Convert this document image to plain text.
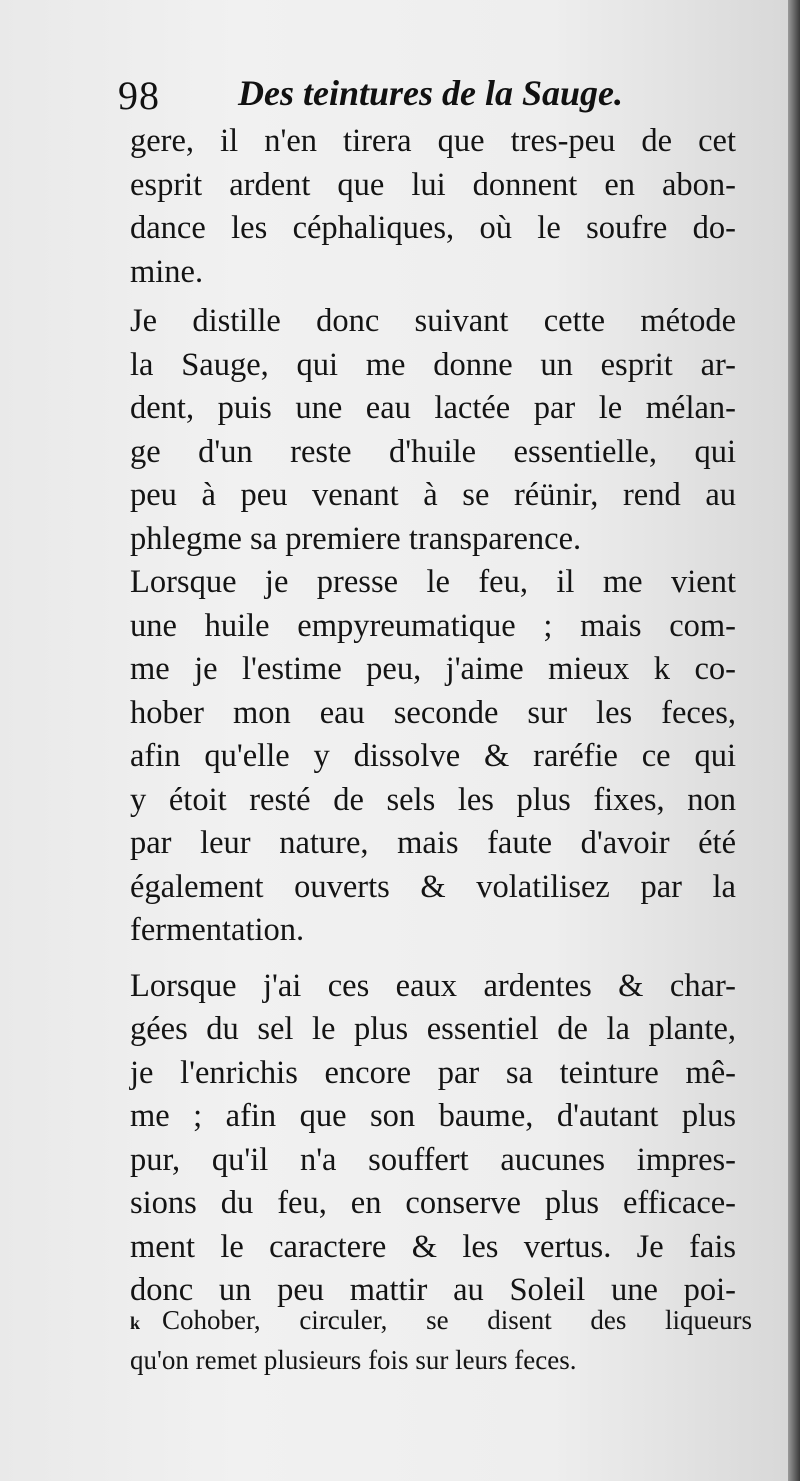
98 Des teintures de la Sauge.
gere, il n'en tirera que tres-peu de cet
esprit ardent que lui donnent en abon-
dance les céphaliques, où le soufre do-
mine.
Je distille donc suivant cette métode
la Sauge, qui me donne un esprit ar-
dent, puis une eau lactée par le mélan-
ge d'un reste d'huile essentielle, qui
peu à peu venant à se réünir, rend au
phlegme sa premiere transparence.
Lorsque je presse le feu, il me vient
une huile empyreumatique ; mais com-
me je l'estime peu, j'aime mieux k co-
hober mon eau seconde sur les feces,
afin qu'elle y dissolve & raréfie ce qui
y étoit resté de sels les plus fixes, non
par leur nature, mais faute d'avoir été
également ouverts & volatilisez par la
fermentation.
Lorsque j'ai ces eaux ardentes & char-
gées du sel le plus essentiel de la plante,
je l'enrichis encore par sa teinture mê-
me ; afin que son baume, d'autant plus
pur, qu'il n'a souffert aucunes impres-
sions du feu, en conserve plus efficace-
ment le caractere & les vertus. Je fais
donc un peu mattir au Soleil une poi-
k Cohober, circuler, se disent des liqueurs
qu'on remet plusieurs fois sur leurs feces.
